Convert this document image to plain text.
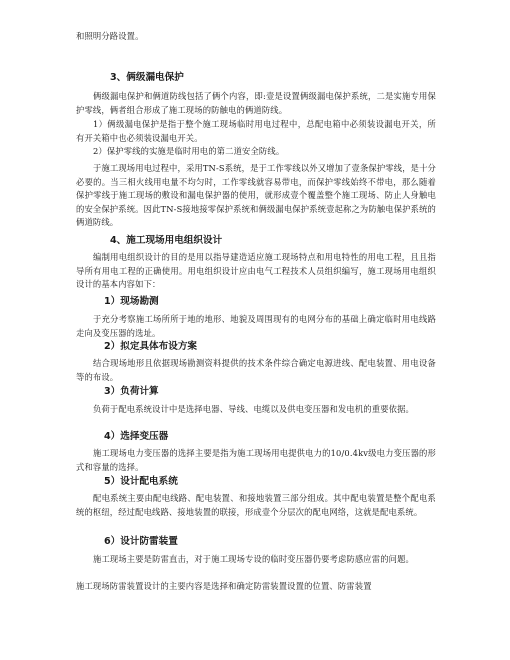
和照明分路设置。

3、俩级漏电保护

俩级漏电保护和俩道防线包括了俩个内容，即:壹是设置俩级漏电保护系统，二是实施专用保护零线，俩者组合形成了施工现场的防触电的俩道防线。

1）俩级漏电保护是指于整个施工现场临时用电过程中，总配电箱中必须装设漏电开关，所有开关箱中也必须装设漏电开关。

2）保护零线的实施是临时用电的第二道安全防线。

于施工现场用电过程中，采用TN-S系统，是于工作零线以外又增加了壹条保护零线，是十分必要的。当三相火线用电量不均匀时，工作零线就容易带电，而保护零线始终不带电，那么随着保护零线于施工现场的敷设和漏电保护器的使用，就形成壹个覆盖整个施工现场、防止人身触电的安全保护系统。因此TN-S接地接零保护系统和俩级漏电保护系统壹起称之为防触电保护系统的俩道防线。

4、施工现场用电组织设计

编制用电组织设计的目的是用以指导建造适应施工现场特点和用电特性的用电工程，且且指导所有用电工程的正确使用。用电组织设计应由电气工程技术人员组织编写，施工现场用电组织设计的基本内容如下：

1）现场勘测

于充分考察施工场所所于地的地形、地貌及周围现有的电网分布的基础上确定临时用电线路走向及变压器的选址。

2）拟定具体布设方案

结合现场地形且依据现场勘测资料提供的技术条件综合确定电源进线、配电装置、用电设备等的布设。

3）负荷计算

负荷于配电系统设计中是选择电器、导线、电缆以及供电变压器和发电机的重要依据。

4）选择变压器

施工现场电力变压器的选择主要是指为施工现场用电提供电力的10/0.4kv级电力变压器的形式和容量的选择。

5）设计配电系统

配电系统主要由配电线路、配电装置、和接地装置三部分组成。其中配电装置是整个配电系统的枢纽，经过配电线路、接地装置的联接，形成壹个分层次的配电网络，这就是配电系统。

6）设计防雷装置

施工现场主要是防雷直击，对于施工现场专设的临时变压器仍要考虑防感应雷的问题。

施工现场防雷装置设计的主要内容是选择和确定防雷装置设置的位置、防雷装置
